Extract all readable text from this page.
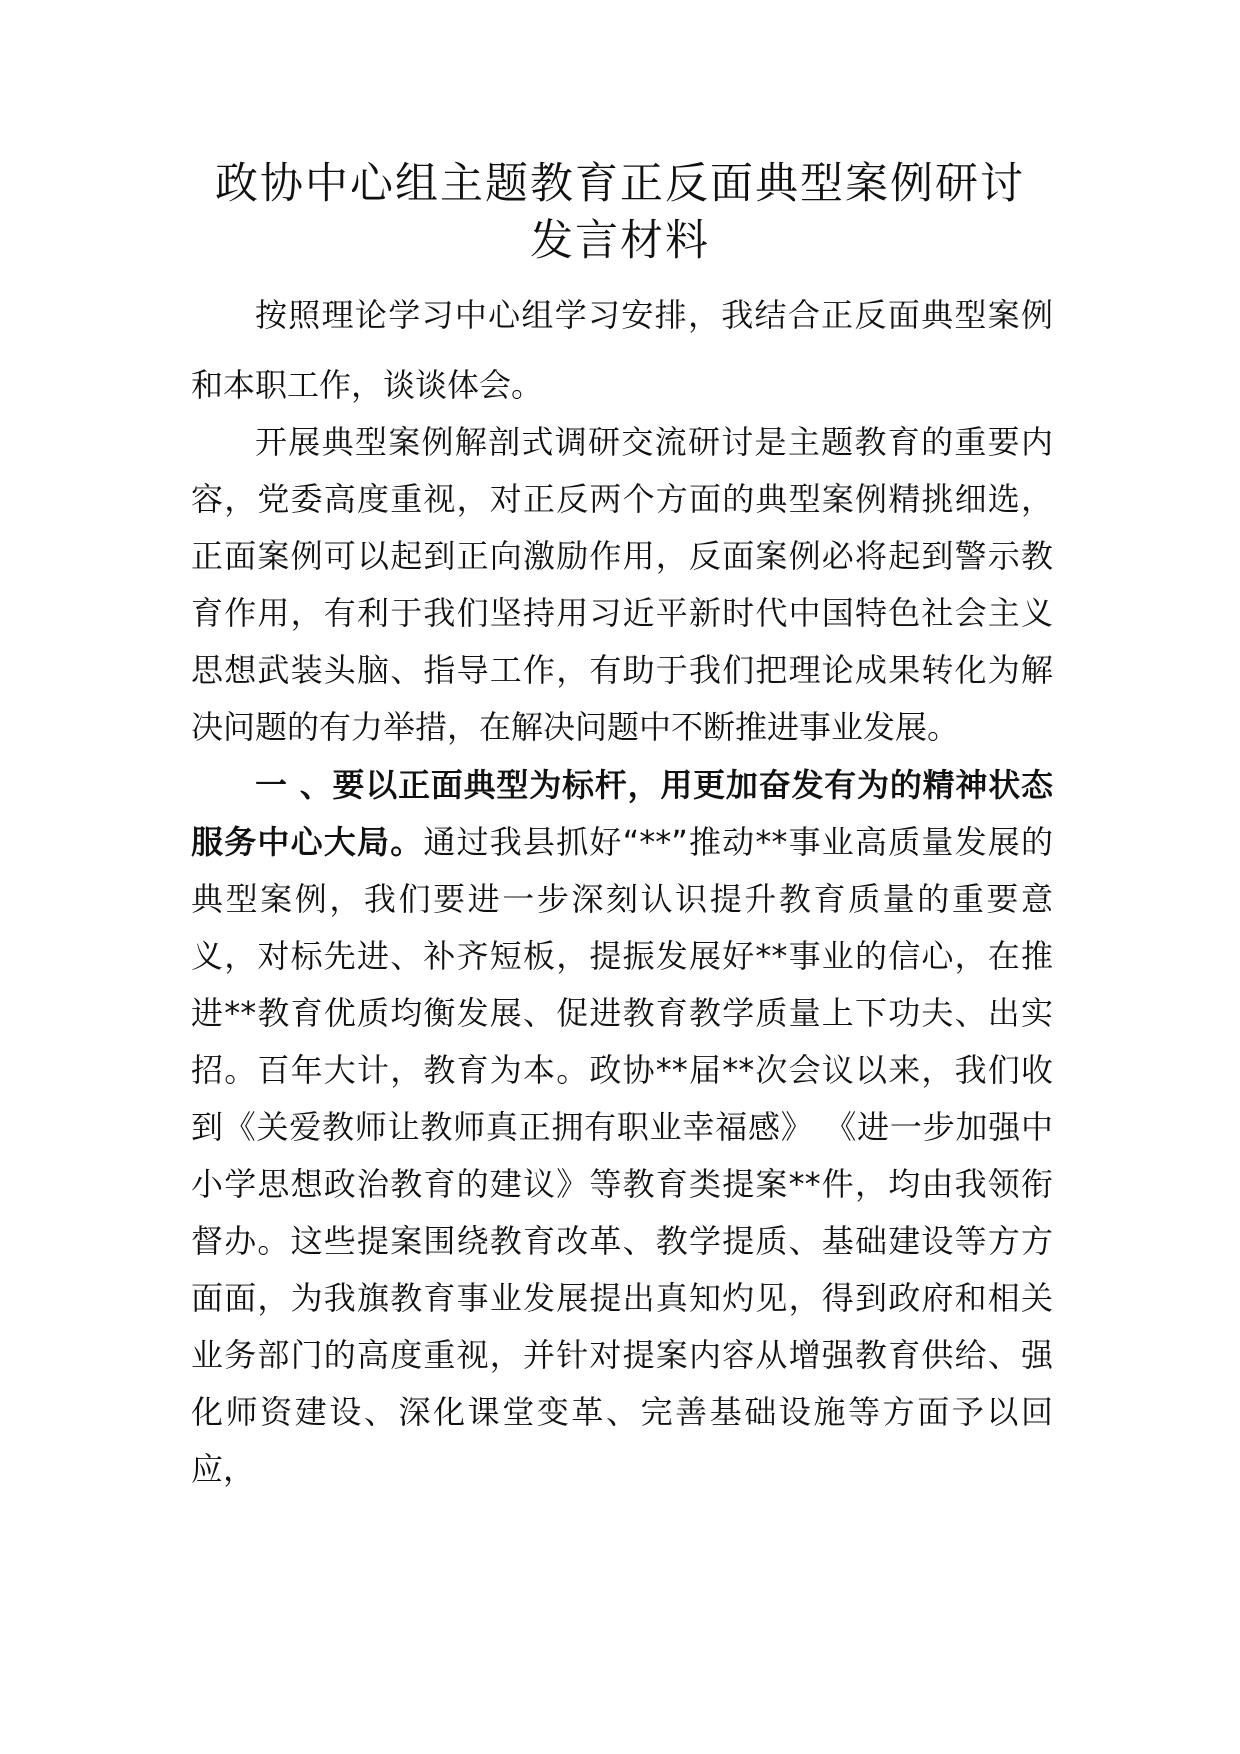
政协中心组主题教育正反面典型案例研讨
发言材料

按照理论学习中心组学习安排，我结合正反面典型案例和本职工作，谈谈体会。

开展典型案例解剖式调研交流研讨是主题教育的重要内容，党委高度重视，对正反两个方面的典型案例精挑细选，正面案例可以起到正向激励作用，反面案例必将起到警示教育作用，有利于我们坚持用习近平新时代中国特色社会主义思想武装头脑、指导工作，有助于我们把理论成果转化为解决问题的有力举措，在解决问题中不断推进事业发展。

一 、要以正面典型为标杆，用更加奋发有为的精神状态服务中心大局。通过我县抓好“**”推动**事业高质量发展的典型案例，我们要进一步深刻认识提升教育质量的重要意义，对标先进、补齐短板，提振发展好**事业的信心，在推进**教育优质均衡发展、促进教育教学质量上下功夫、出实招。百年大计，教育为本。政协**届**次会议以来，我们收到《关爱教师让教师真正拥有职业幸福感》 《进一步加强中小学思想政治教育的建议》等教育类提案**件，均由我领衔督办。这些提案围绕教育改革、教学提质、基础建设等方方面面，为我旗教育事业发展提出真知灼见，得到政府和相关业务部门的高度重视，并针对提案内容从增强教育供给、强化师资建设、深化课堂变革、完善基础设施等方面予以回应，
